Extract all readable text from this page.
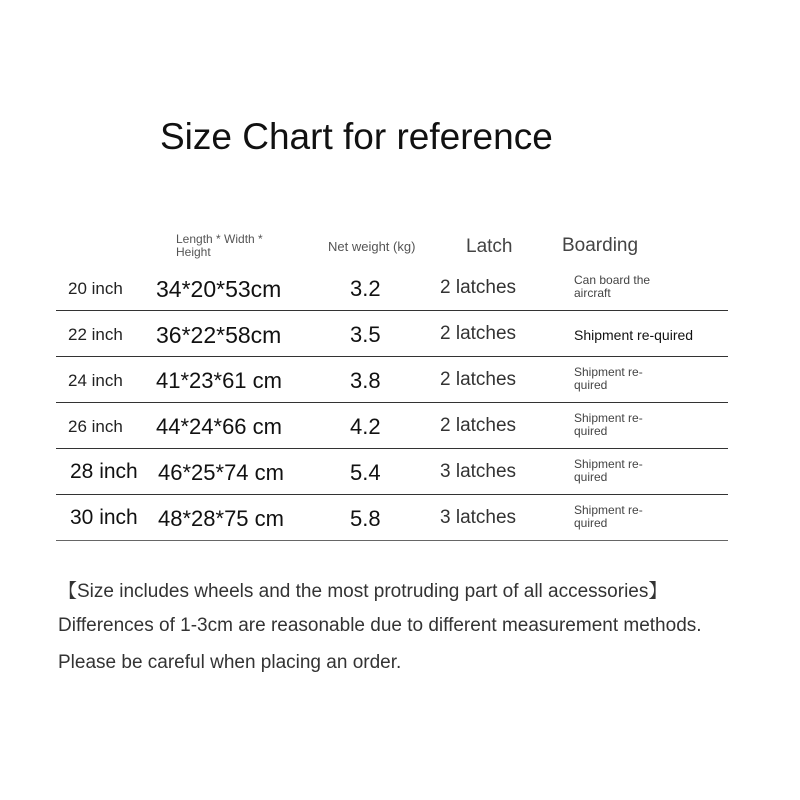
Size Chart for reference
Length * Width * Height	Net weight (kg)	Latch	Boarding
20 inch 34*20*53cm	3.2	2 latches	Can board the aircraft
22 inch 36*22*58cm	3.5	2 latches	Shipment re-quired
24 inch 41*23*61 cm	3.8	2 latches	Shipment re-quired
26 inch 44*24*66 cm	4.2	2 latches	Shipment re-quired
28 inch 46*25*74 cm	5.4	3 latches	Shipment re-quired
30 inch 48*28*75 cm	5.8	3 latches	Shipment re-quired
【Size includes wheels and the most protruding part of all accessories】
Differences of 1-3cm are reasonable due to different measurement methods.
Please be careful when placing an order.
